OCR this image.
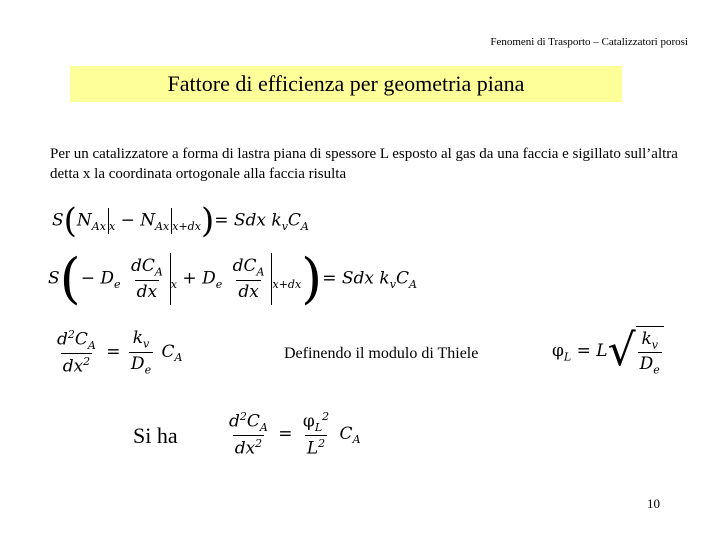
Fenomeni di Trasporto – Catalizzatori porosi
Fattore di efficienza per geometria piana
Per un catalizzatore a forma di lastra piana di spessore L esposto al gas da una faccia e sigillato sull’altra detta x la coordinata ortogonale alla faccia risulta
$S(N_{Ax}$ $_x - N_{Ax}$ $_{x+dx}$)= Sdx $k_vC_A$
$S(- D_e \frac{dC_A}{dx} _x + D_e \frac{dC_A}{dx} _{x+dx})=$ Sdx $k_vC_A$
$\frac{d^2C_A}{dx^2} = \frac{k_v}{D_e} C_A$	Definendo il modulo di Thiele	$\varphi_L = L$ √ $\frac{k_v}{D_e}$
Si ha	$\frac{d^2C_A}{dx^2} = \frac{\varphi_L^2}{L^2} C_A$
10
